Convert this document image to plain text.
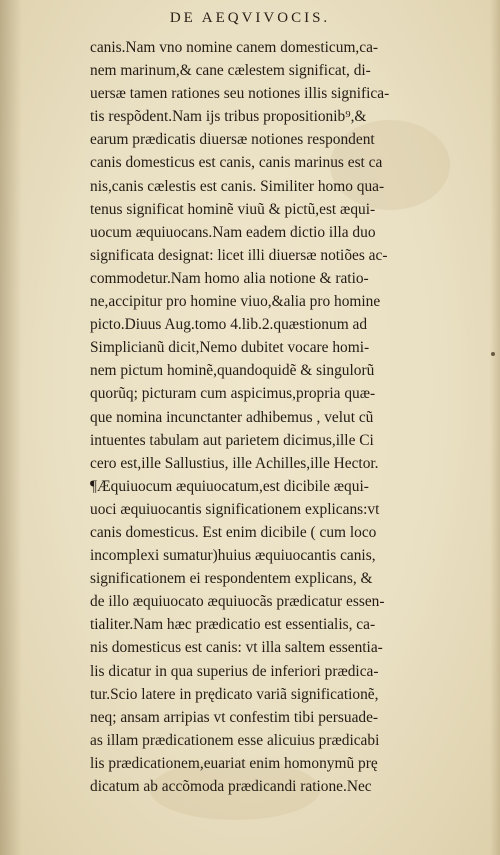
DE AEQVIVOCIS.
canis.Nam vno nomine canem domesticum,ca-
nem marinum,& cane cælestem significat, di-
uersæ tamen rationes seu notiones illis significa-
tis respõdent.Nam ijs tribus propositionib⁹,&
earum prædicatis diuersæ notiones respondent
canis domesticus est canis, canis marinus est ca
nis,canis cælestis est canis. Similiter homo qua-
tenus significat hominẽ viuũ & pictũ,est æqui-
uocum æquiuocans.Nam eadem dictio illa duo
significata designat: licet illi diuersæ notiões ac-
commodetur.Nam homo alia notione & ratio-
ne,accipitur pro homine viuo,&alia pro homine
picto.Diuus Aug.tomo 4.lib.2.quæstionum ad
Simplicianũ dicit,Nemo dubitet vocare homi-
nem pictum hominẽ,quandoquidẽ & singulorũ
quorũq; picturam cum aspicimus,propria quæ-
que nomina incunctanter adhibemus , velut cũ
intuentes tabulam aut parietem dicimus,ille Ci
cero est,ille Sallustius, ille Achilles,ille Hector.
¶Æquiuocum æquiuocatum,est dicibile æqui-
uoci æquiuocantis significationem explicans:vt
canis domesticus. Est enim dicibile ( cum loco
incomplexi sumatur)huius æquiuocantis canis,
significationem ei respondentem explicans, &
de illo æquiuocato æquiuocãs prædicatur essen-
tialiter.Nam hæc prædicatio est essentialis, ca-
nis domesticus est canis: vt illa saltem essentia-
lis dicatur in qua superius de inferiori prædica-
tur.Scio latere in prędicato variã significationẽ,
neq; ansam arripias vt confestim tibi persuade-
as illam prædicationem esse alicuius prædicabi
lis prædicationem,euariat enim homonymũ prę
dicatum ab accõmoda prædicandi ratione.Nec
